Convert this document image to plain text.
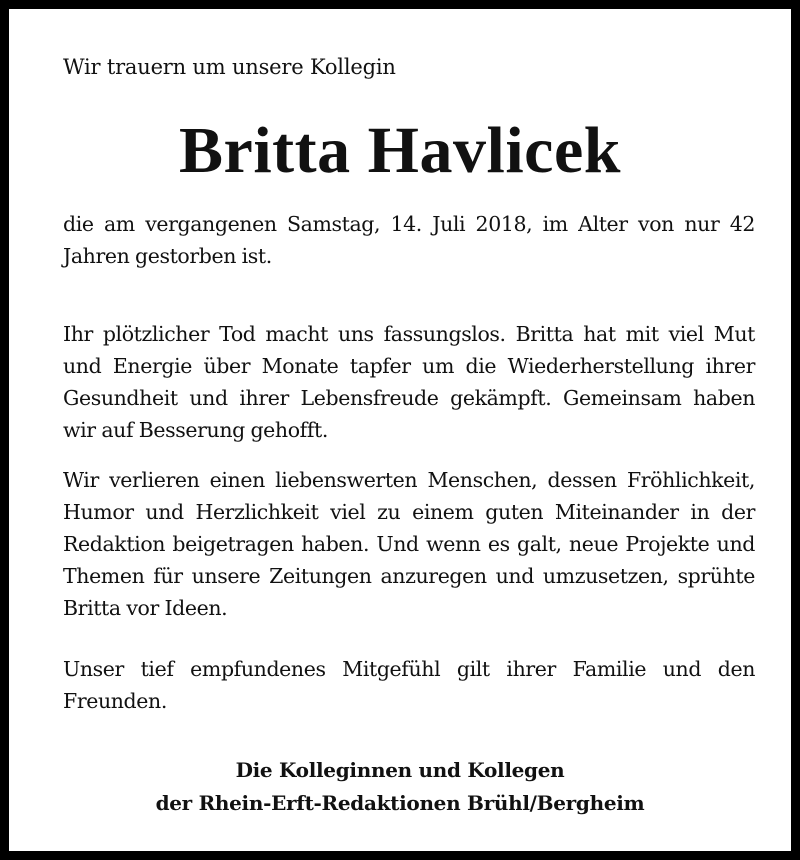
Wir trauern um unsere Kollegin
Britta Havlicek

die am vergangenen Samstag, 14. Juli 2018, im Alter von nur 42 Jahren gestorben ist.

Ihr plötzlicher Tod macht uns fassungslos. Britta hat mit viel Mut und Energie über Monate tapfer um die Wiederherstellung ihrer Gesundheit und ihrer Lebensfreude gekämpft. Gemeinsam haben wir auf Besserung gehofft.

Wir verlieren einen liebenswerten Menschen, dessen Fröhlichkeit, Humor und Herzlichkeit viel zu einem guten Miteinander in der Redaktion beigetragen haben. Und wenn es galt, neue Projekte und Themen für unsere Zeitungen anzuregen und umzusetzen, sprühte Britta vor Ideen.

Unser tief empfundenes Mitgefühl gilt ihrer Familie und den Freunden.

Die Kolleginnen und Kollegen
der Rhein-Erft-Redaktionen Brühl/Bergheim
